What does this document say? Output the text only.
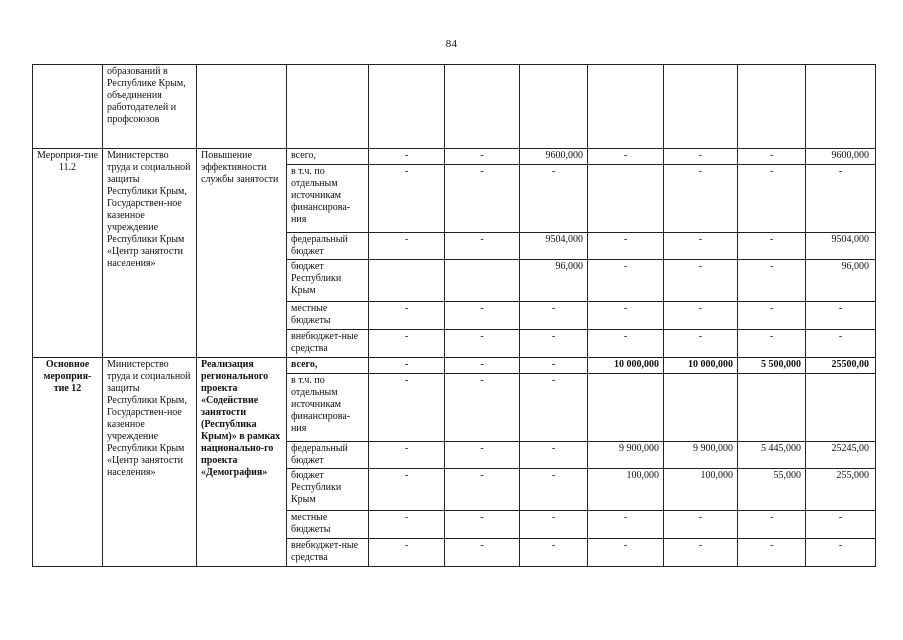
84
	образований в Республике Крым, объединения работодателей и профсоюзов									
Мероприя-тие 11.2	Министерство труда и социальной защиты Республики Крым, Государствен-ное казенное учреждение Республики Крым «Центр занятости населения»	Повышение эффективности службы занятости	всего,	-	-	9600,000	-	-	-	9600,000
			в т.ч. по отдельным источникам финансирова-ния	-	-	-		-	-	-
			федеральный бюджет	-	-	9504,000	-	-	-	9504,000
			бюджет Республики Крым			96,000	-	-	-	96,000
			местные бюджеты	-	-	-	-	-	-	-
			внебюджет-ные средства	-	-	-	-	-	-	-
Основное мероприя-тие 12	Министерство труда и социальной защиты Республики Крым, Государствен-ное казенное учреждение Республики Крым «Центр занятости населения»	Реализация регионального проекта «Содействие занятости (Республика Крым)» в рамках национально-го проекта «Демография»	всего,	-	-	-	10 000,000	10 000,000	5 500,000	25500,00
			в т.ч. по отдельным источникам финансирова-ния	-	-	-				
			федеральный бюджет	-	-	-	9 900,000	9 900,000	5 445,000	25245,00
			бюджет Республики Крым	-	-	-	100,000	100,000	55,000	255,000
			местные бюджеты	-	-	-	-	-	-	-
			внебюджет-ные средства	-	-	-	-	-	-	-
